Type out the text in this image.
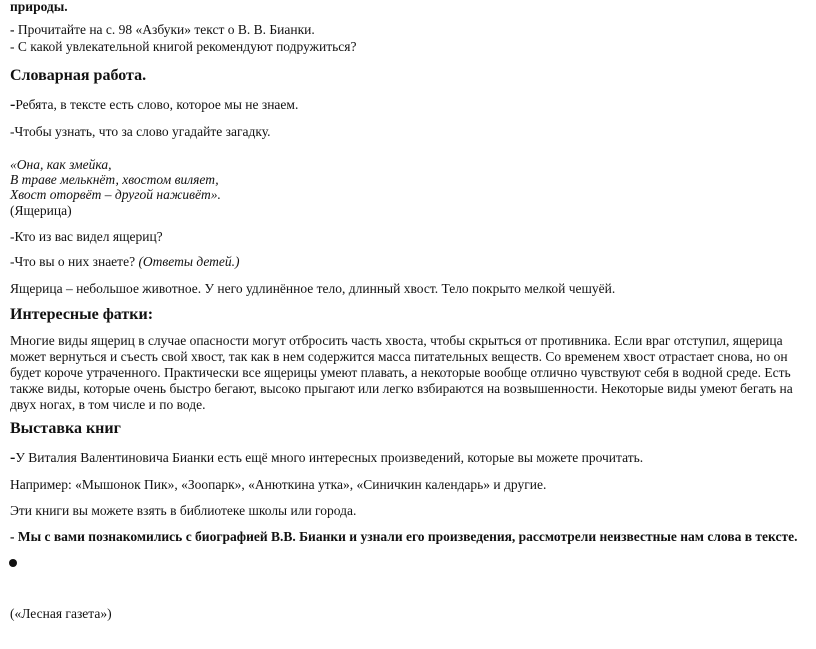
природы.

- Прочитайте на с. 98 «Азбуки» текст о В. В. Бианки.

- С какой увлекательной книгой рекомендуют подружиться?

Словарная работа.

-Ребята, в тексте есть слово, которое мы не знаем.

-Чтобы узнать, что за слово угадайте загадку.

«Она, как змейка,

В траве мелькнёт, хвостом виляет,

Хвост оторвёт – другой наживёт».

(Ящерица)

-Кто из вас видел ящериц?

-Что вы о них знаете? (Ответы детей.)

Ящерица – небольшое животное. У него удлинённое тело, длинный хвост. Тело покрыто мелкой чешуёй.

Интересные фатки:

Многие виды ящериц в случае опасности могут отбросить часть хвоста, чтобы скрыться от противника. Если враг отступил, ящерица может вернуться и съесть свой хвост, так как в нем содержится масса питательных веществ. Со временем хвост отрастает снова, но он будет короче утраченного. Практически все ящерицы умеют плавать, а некоторые вообще отлично чувствуют себя в водной среде. Есть также виды, которые очень быстро бегают, высоко прыгают или легко взбираются на возвышенности. Некоторые виды умеют бегать на двух ногах, в том числе и по воде.

Выставка книг

-У Виталия Валентиновича Бианки есть ещё много интересных произведений, которые вы можете прочитать.

Например: «Мышонок Пик», «Зоопарк», «Анюткина утка», «Синичкин календарь» и другие.

Эти книги вы можете взять в библиотеке школы или города.

- Мы с вами познакомились с биографией В.В. Бианки и узнали его произведения, рассмотрели неизвестные нам слова в тексте.

(«Лесная газета»)
